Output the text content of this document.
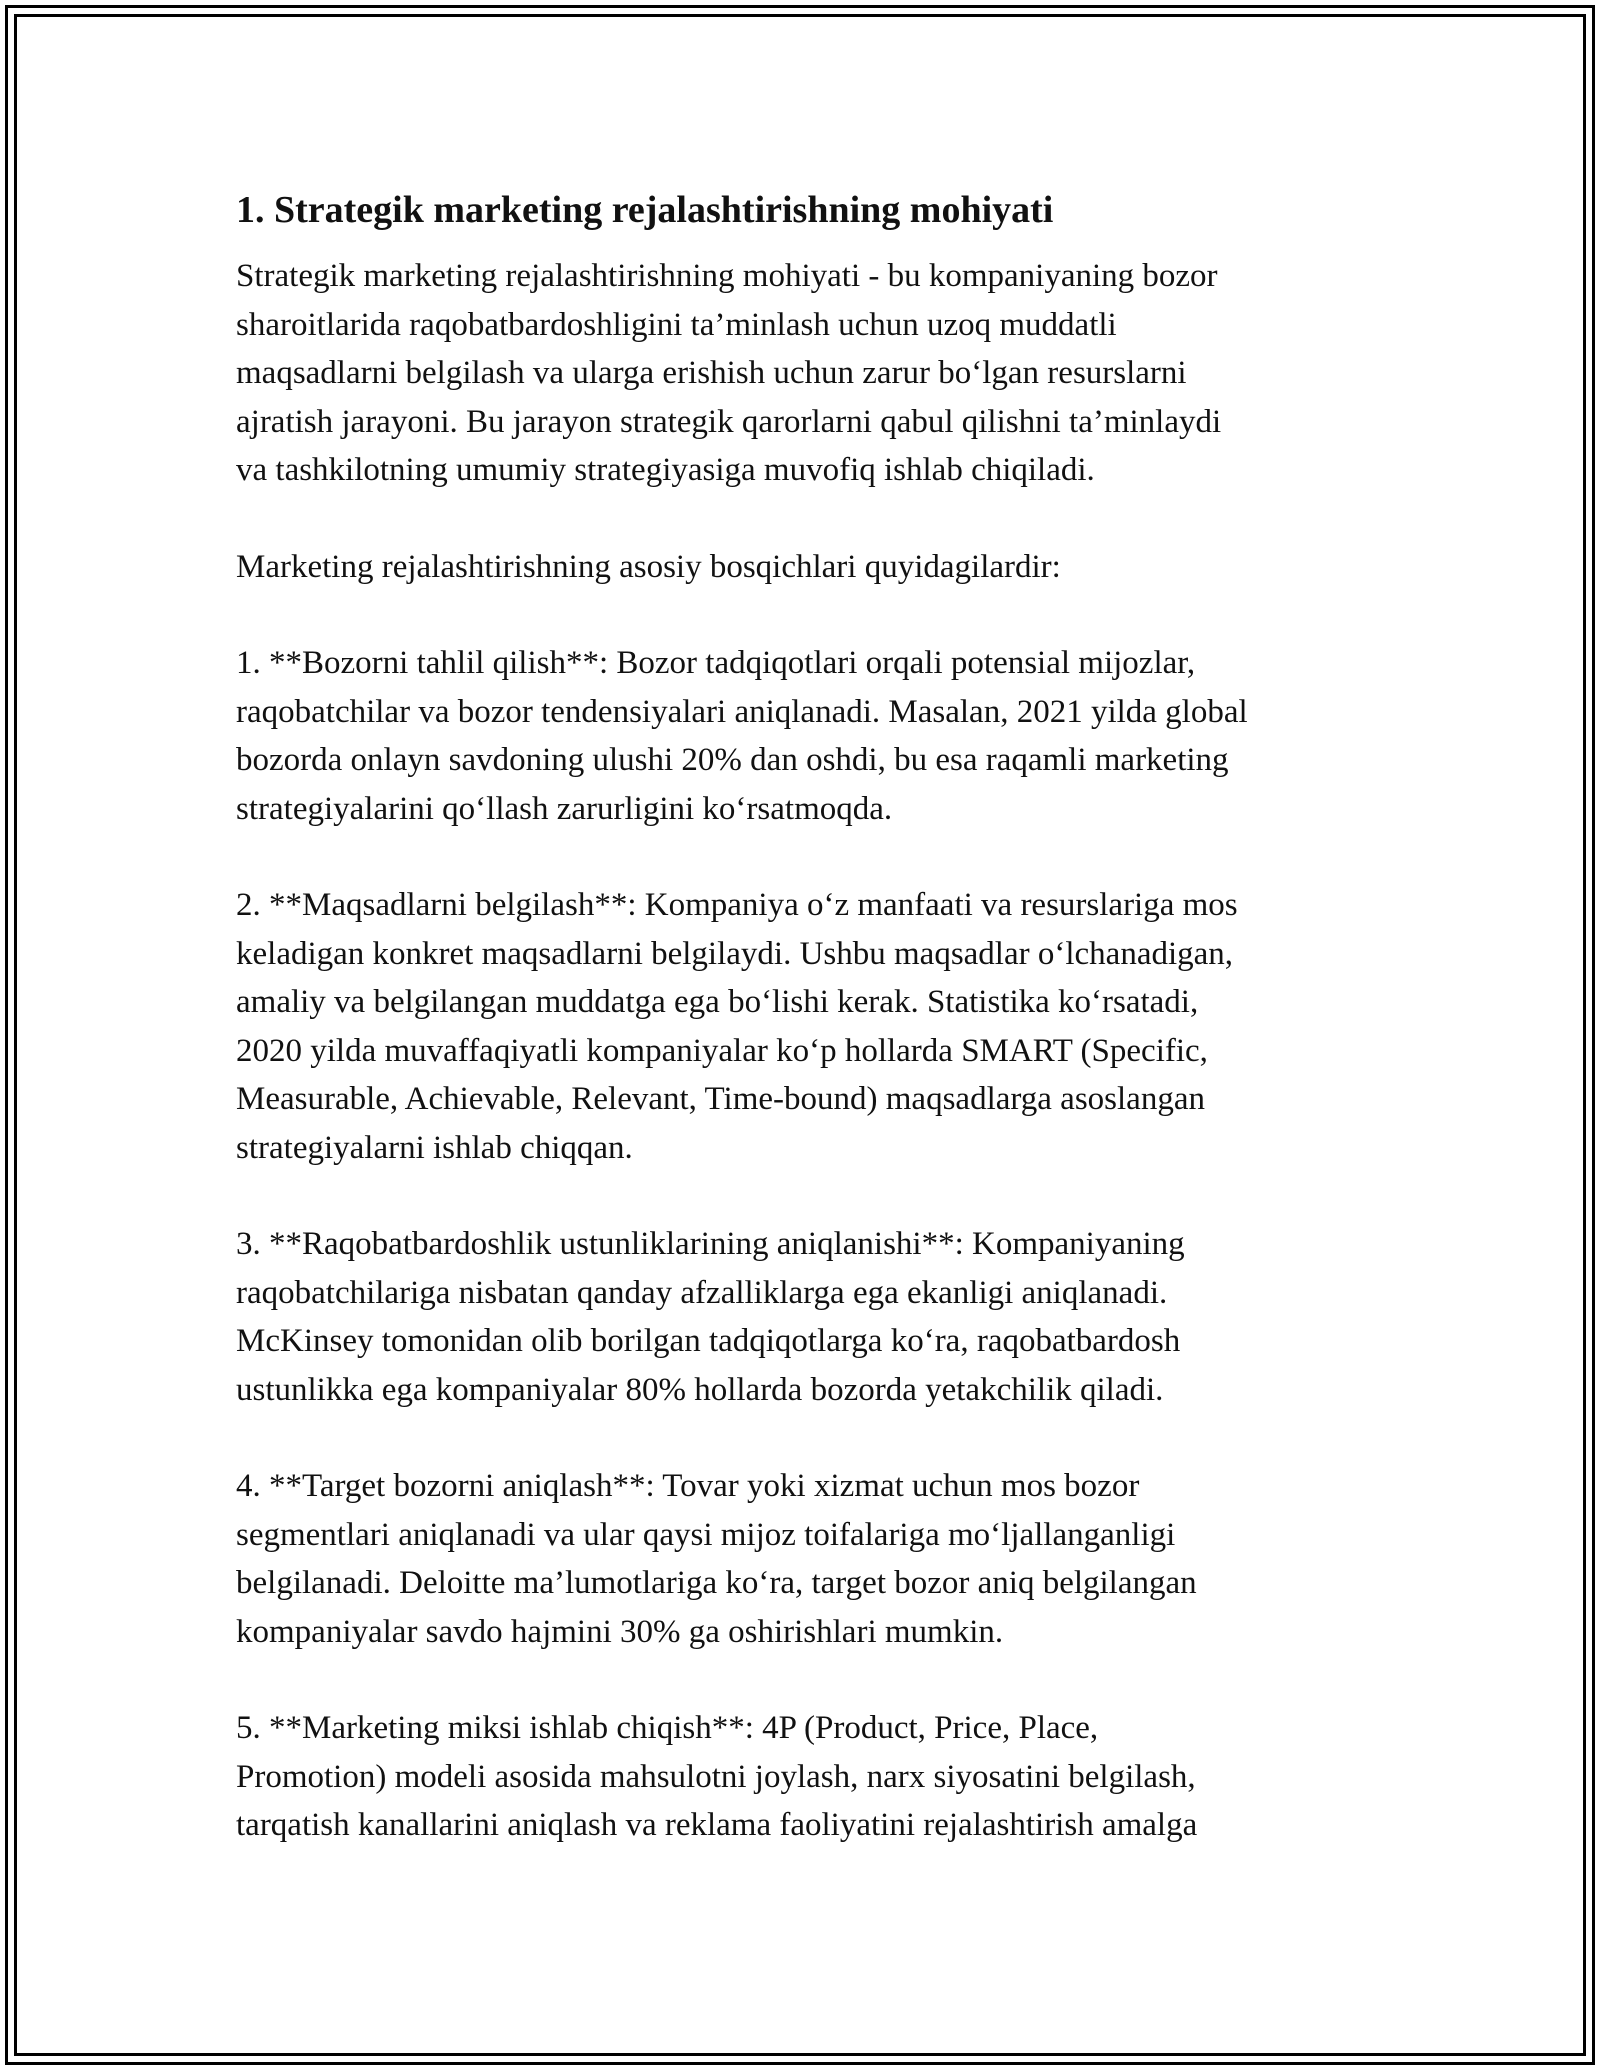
1. Strategik marketing rejalashtirishning mohiyati

Strategik marketing rejalashtirishning mohiyati - bu kompaniyaning bozor
sharoitlarida raqobatbardoshligini ta’minlash uchun uzoq muddatli
maqsadlarni belgilash va ularga erishish uchun zarur bo‘lgan resurslarni
ajratish jarayoni. Bu jarayon strategik qarorlarni qabul qilishni ta’minlaydi
va tashkilotning umumiy strategiyasiga muvofiq ishlab chiqiladi.

Marketing rejalashtirishning asosiy bosqichlari quyidagilardir:

1. **Bozorni tahlil qilish**: Bozor tadqiqotlari orqali potensial mijozlar,
raqobatchilar va bozor tendensiyalari aniqlanadi. Masalan, 2021 yilda global
bozorda onlayn savdoning ulushi 20% dan oshdi, bu esa raqamli marketing
strategiyalarini qo‘llash zarurligini ko‘rsatmoqda.

2. **Maqsadlarni belgilash**: Kompaniya o‘z manfaati va resurslariga mos
keladigan konkret maqsadlarni belgilaydi. Ushbu maqsadlar o‘lchanadigan,
amaliy va belgilangan muddatga ega bo‘lishi kerak. Statistika ko‘rsatadi,
2020 yilda muvaffaqiyatli kompaniyalar ko‘p hollarda SMART (Specific,
Measurable, Achievable, Relevant, Time-bound) maqsadlarga asoslangan
strategiyalarni ishlab chiqqan.

3. **Raqobatbardoshlik ustunliklarining aniqlanishi**: Kompaniyaning
raqobatchilariga nisbatan qanday afzalliklarga ega ekanligi aniqlanadi.
McKinsey tomonidan olib borilgan tadqiqotlarga ko‘ra, raqobatbardosh
ustunlikka ega kompaniyalar 80% hollarda bozorda yetakchilik qiladi.

4. **Target bozorni aniqlash**: Tovar yoki xizmat uchun mos bozor
segmentlari aniqlanadi va ular qaysi mijoz toifalariga mo‘ljallanganligi
belgilanadi. Deloitte ma’lumotlariga ko‘ra, target bozor aniq belgilangan
kompaniyalar savdo hajmini 30% ga oshirishlari mumkin.

5. **Marketing miksi ishlab chiqish**: 4P (Product, Price, Place,
Promotion) modeli asosida mahsulotni joylash, narx siyosatini belgilash,
tarqatish kanallarini aniqlash va reklama faoliyatini rejalashtirish amalga
